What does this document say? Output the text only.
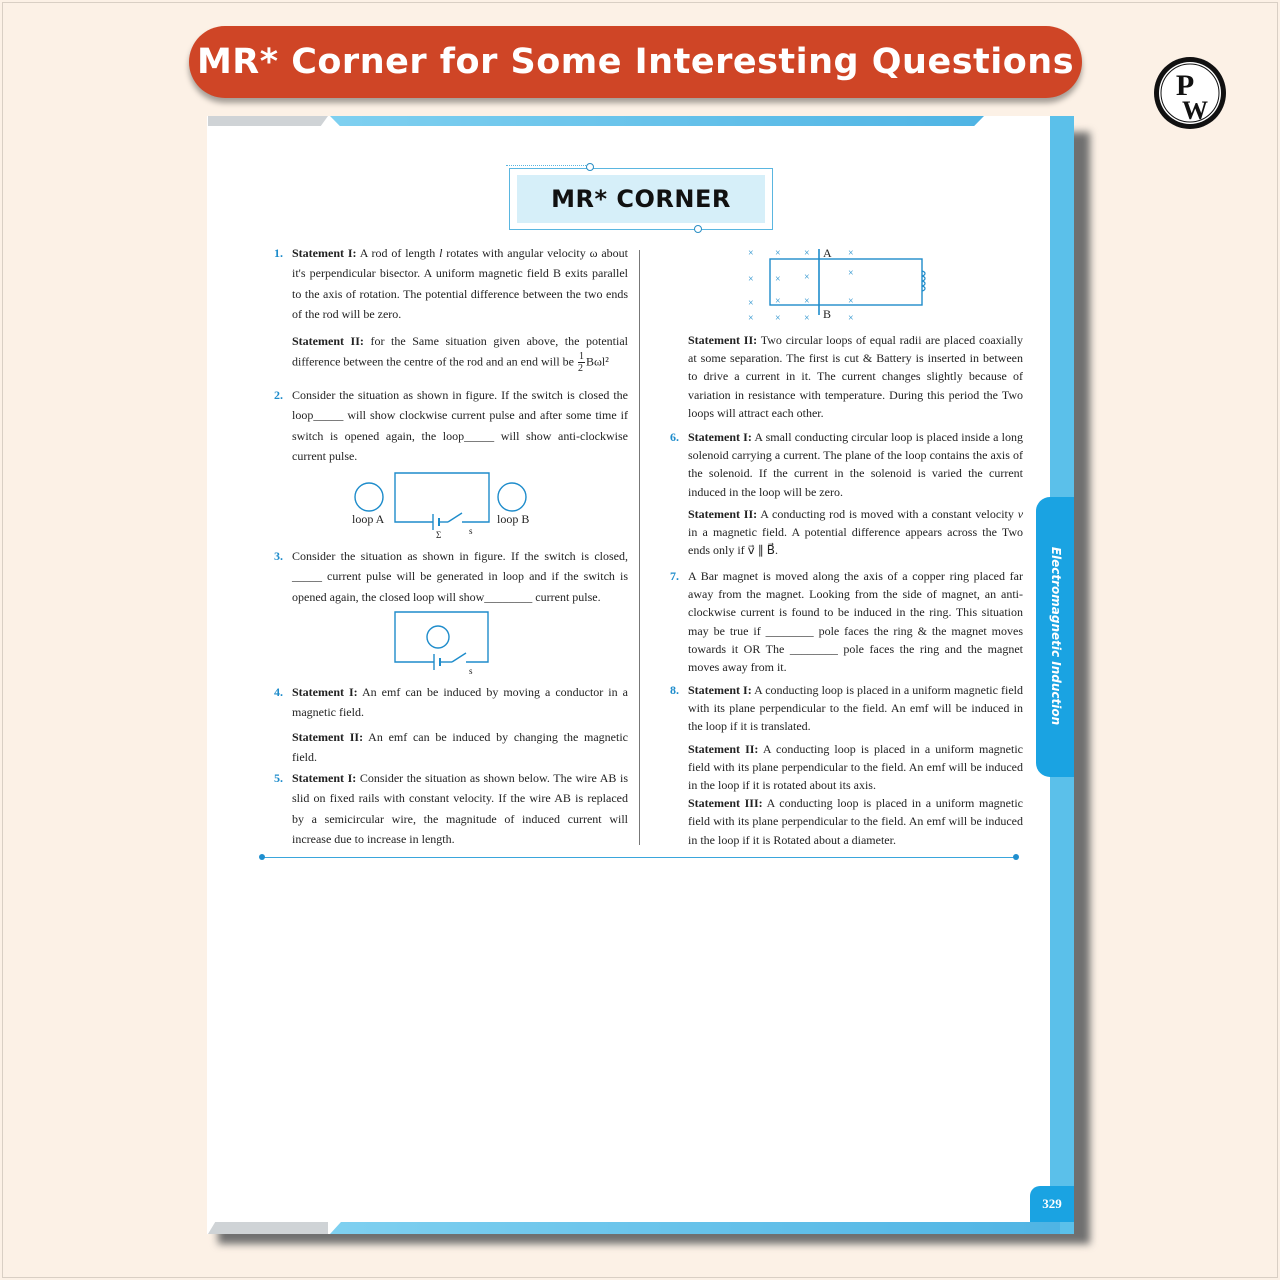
MR* Corner for Some Interesting Questions
P
W
MR* CORNER
1. Statement I: A rod of length l rotates with angular velocity ω about it's perpendicular bisector. A uniform magnetic field B exits parallel to the axis of rotation. The potential difference between the two ends of the rod will be zero.

Statement II: for the Same situation given above, the potential difference between the centre of the rod and an end will be $\frac{1}{2} B\omega l^2$

2. Consider the situation as shown in figure. If the switch is closed the loop_____ will show clockwise current pulse and after some time if switch is opened again, the loop_____ will show anti-clockwise current pulse.

loop A	loop B
Σ	s
3. Consider the situation as shown in figure. If the switch is closed, _____ current pulse will be generated in loop and if the switch is opened again, the closed loop will show________ current pulse.

s
4. Statement I: An emf can be induced by moving a conductor in a magnetic field.

Statement II: An emf can be induced by changing the magnetic field.

5. Statement I: Consider the situation as shown below. The wire AB is slid on fixed rails with constant velocity. If the wire AB is replaced by a semicircular wire, the magnitude of induced current will increase due to increase in length.

× × ×	×
× × ×	×
× × ×	×
× × ×	×
A
B

Statement II: Two circular loops of equal radii are placed coaxially at some separation. The first is cut & Battery is inserted in between to drive a current in it. The current changes slightly because of variation in resistance with temperature. During this period the Two loops will attract each other.

6. Statement I: A small conducting circular loop is placed inside a long solenoid carrying a current. The plane of the loop contains the axis of the solenoid. If the current in the solenoid is varied the current induced in the loop will be zero.

Statement II: A conducting rod is moved with a constant velocity v in a magnetic field. A potential difference appears across the Two ends only if v⃗ ∥ B⃗.

7. A Bar magnet is moved along the axis of a copper ring placed far away from the magnet. Looking from the side of magnet, an anti-clockwise current is found to be induced in the ring. This situation may be true if ________ pole faces the ring & the magnet moves towards it OR The ________ pole faces the ring and the magnet moves away from it.

8. Statement I: A conducting loop is placed in a uniform magnetic field with its plane perpendicular to the field. An emf will be induced in the loop if it is translated.

Statement II: A conducting loop is placed in a uniform magnetic field with its plane perpendicular to the field. An emf will be induced in the loop if it is rotated about its axis.

Statement III: A conducting loop is placed in a uniform magnetic field with its plane perpendicular to the field. An emf will be induced in the loop if it is Rotated about a diameter.

Electromagnetic Induction
329
